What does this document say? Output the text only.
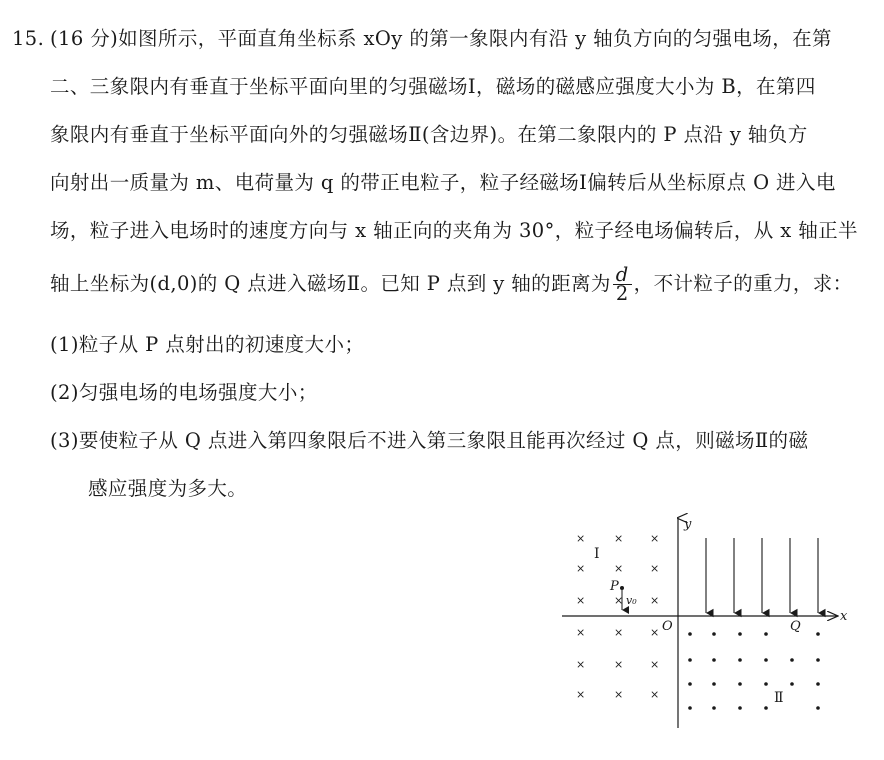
15. (16 分)如图所示，平面直角坐标系 xOy 的第一象限内有沿 y 轴负方向的匀强电场，在第
二、三象限内有垂直于坐标平面向里的匀强磁场Ⅰ，磁场的磁感应强度大小为 B，在第四
象限内有垂直于坐标平面向外的匀强磁场Ⅱ(含边界)。在第二象限内的 P 点沿 y 轴负方
向射出一质量为 m、电荷量为 q 的带正电粒子，粒子经磁场Ⅰ偏转后从坐标原点 O 进入电
场，粒子进入电场时的速度方向与 x 轴正向的夹角为 30°，粒子经电场偏转后，从 x 轴正半
轴上坐标为(d,0)的 Q 点进入磁场Ⅱ。已知 P 点到 y 轴的距离为 $\frac{d}{2}$ ，不计粒子的重力，求：
(1)粒子从 P 点射出的初速度大小；
(2)匀强电场的电场强度大小；
(3)要使粒子从 Q 点进入第四象限后不进入第三象限且能再次经过 Q 点，则磁场Ⅱ的磁
感应强度为多大。
y
x
O
×	× ×
×	× ×
×	× ×
×	× ×
×	× ×
×	× ×
Ⅰ
P
v₀
Q
Ⅱ
